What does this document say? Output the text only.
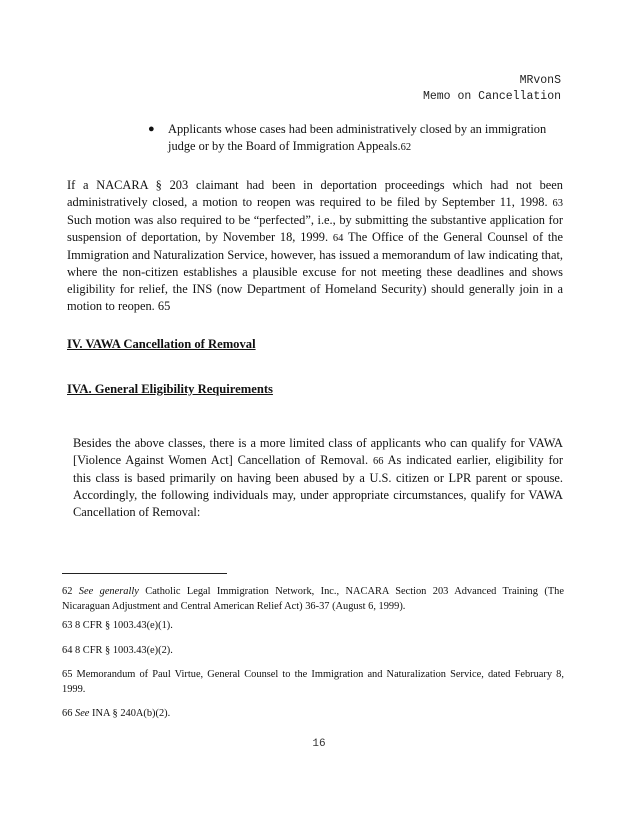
MRvonS
Memo on Cancellation
● Applicants whose cases had been administratively closed by an immigration judge or by the Board of Immigration Appeals.62
If a NACARA § 203 claimant had been in deportation proceedings which had not been administratively closed, a motion to reopen was required to be filed by September 11, 1998. 63 Such motion was also required to be “perfected”, i.e., by submitting the substantive application for suspension of deportation, by November 18, 1999. 64 The Office of the General Counsel of the Immigration and Naturalization Service, however, has issued a memorandum of law indicating that, where the non-citizen establishes a plausible excuse for not meeting these deadlines and shows eligibility for relief, the INS (now Department of Homeland Security) should generally join in a motion to reopen. 65
IV. VAWA Cancellation of Removal
IVA. General Eligibility Requirements
Besides the above classes, there is a more limited class of applicants who can qualify for VAWA [Violence Against Women Act] Cancellation of Removal. 66 As indicated earlier, eligibility for this class is based primarily on having been abused by a U.S. citizen or LPR parent or spouse. Accordingly, the following individuals may, under appropriate circumstances, qualify for VAWA Cancellation of Removal:
62 See generally Catholic Legal Immigration Network, Inc., NACARA Section 203 Advanced Training (The Nicaraguan Adjustment and Central American Relief Act) 36-37 (August 6, 1999).
63 8 CFR § 1003.43(e)(1).
64 8 CFR § 1003.43(e)(2).
65 Memorandum of Paul Virtue, General Counsel to the Immigration and Naturalization Service, dated February 8, 1999.
66 See INA § 240A(b)(2).
16
